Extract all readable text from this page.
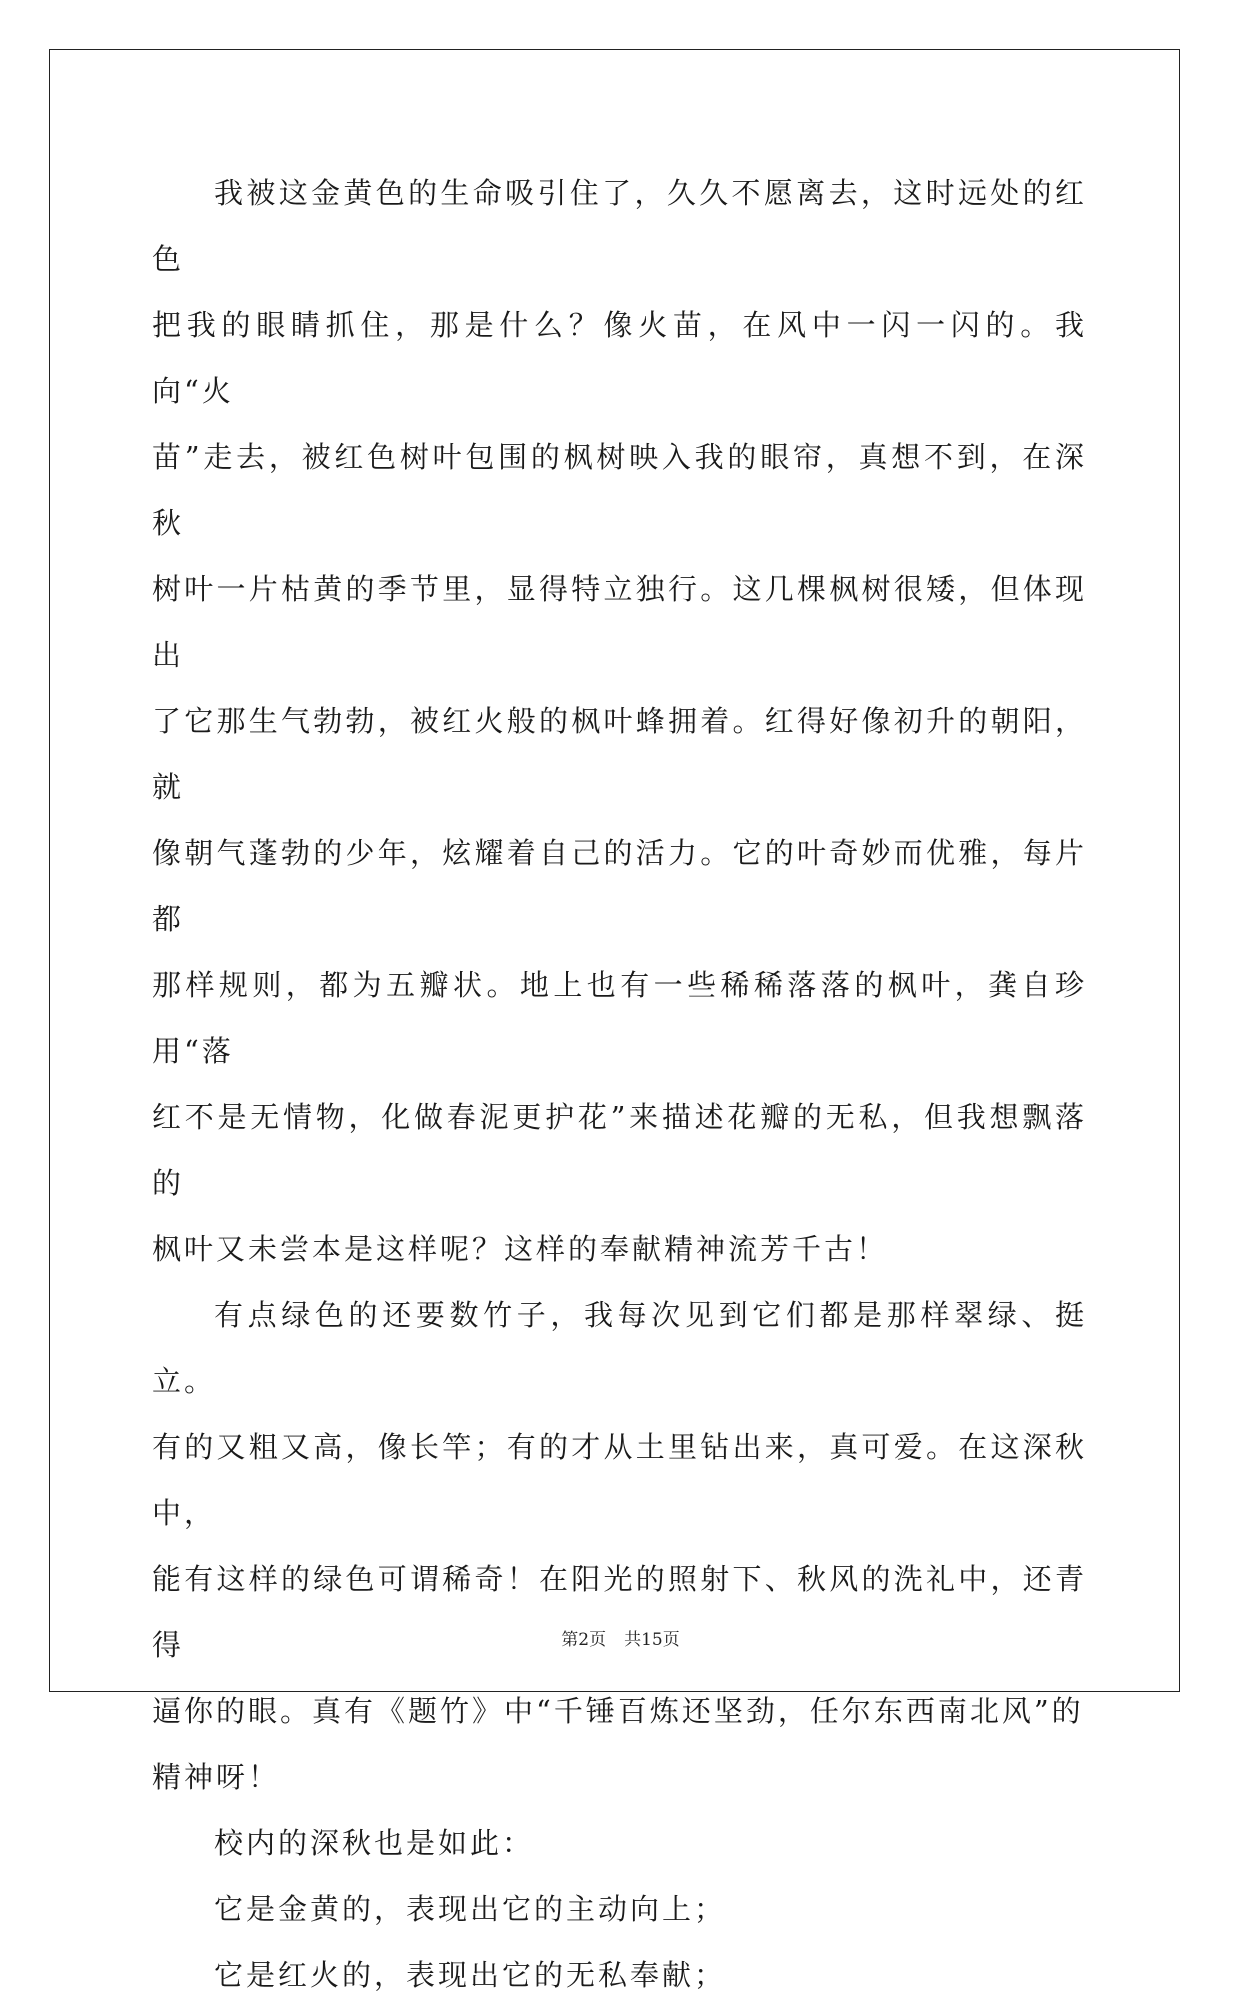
我被这金黄色的生命吸引住了，久久不愿离去，这时远处的红色
把我的眼睛抓住，那是什么？像火苗，在风中一闪一闪的。我向“火
苗”走去，被红色树叶包围的枫树映入我的眼帘，真想不到，在深秋
树叶一片枯黄的季节里，显得特立独行。这几棵枫树很矮，但体现出
了它那生气勃勃，被红火般的枫叶蜂拥着。红得好像初升的朝阳，就
像朝气蓬勃的少年，炫耀着自己的活力。它的叶奇妙而优雅，每片都
那样规则，都为五瓣状。地上也有一些稀稀落落的枫叶，龚自珍用“落
红不是无情物，化做春泥更护花”来描述花瓣的无私，但我想飘落的
枫叶又未尝本是这样呢？这样的奉献精神流芳千古！

有点绿色的还要数竹子，我每次见到它们都是那样翠绿、挺立。
有的又粗又高，像长竿；有的才从土里钻出来，真可爱。在这深秋中，
能有这样的绿色可谓稀奇！在阳光的照射下、秋风的洗礼中，还青得
逼你的眼。真有《题竹》中“千锤百炼还坚劲，任尔东西南北风”的
精神呀！

校内的深秋也是如此：

它是金黄的，表现出它的主动向上；

它是红火的，表现出它的无私奉献；

第2页 共15页
